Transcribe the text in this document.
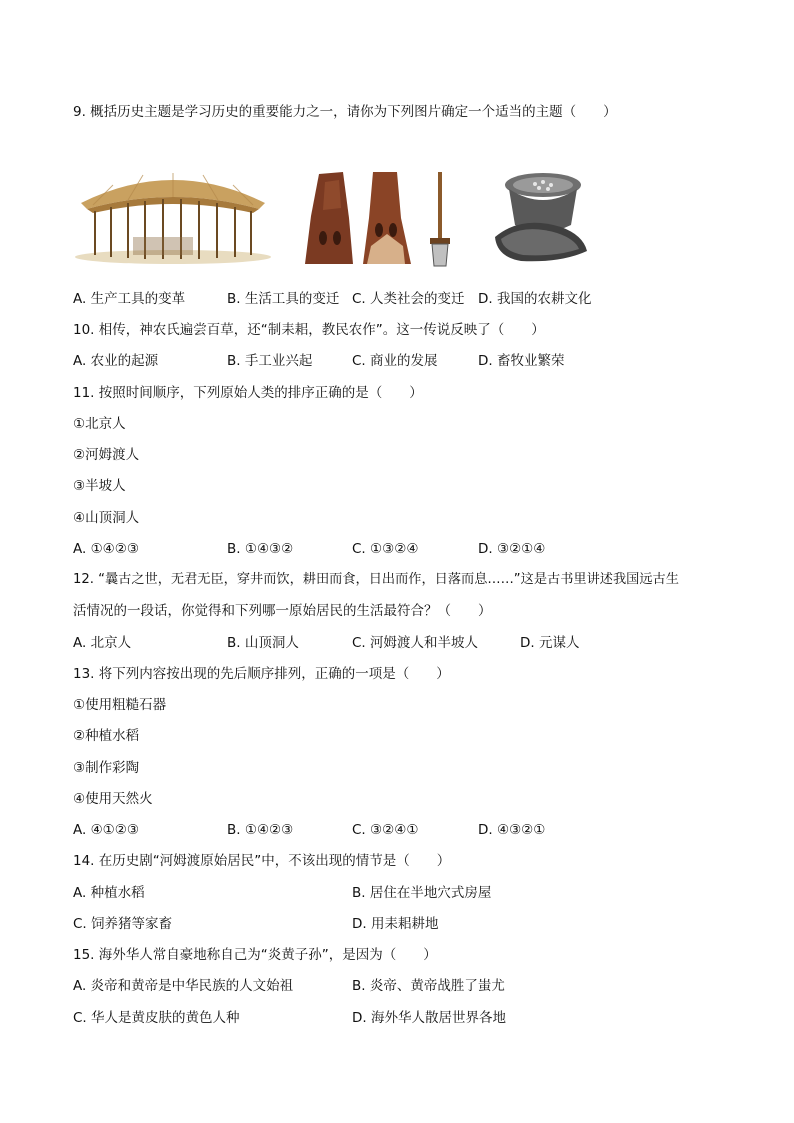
9. 概括历史主题是学习历史的重要能力之一，请你为下列图片确定一个适当的主题（　　）
A. 生产工具的变革	B. 生活工具的变迁 C. 人类社会的变迁 D. 我国的农耕文化
10. 相传，神农氏遍尝百草，还“制耒耜，教民农作”。这一传说反映了（　　）
A. 农业的起源	B. 手工业兴起	C. 商业的发展	D. 畜牧业繁荣
11. 按照时间顺序，下列原始人类的排序正确的是（　　）
①北京人
②河姆渡人
③半坡人
④山顶洞人
A. ①④②③	B. ①④③②	C. ①③②④	D. ③②①④
12. “曩古之世，无君无臣，穿井而饮，耕田而食，日出而作，日落而息……”这是古书里讲述我国远古生
活情况的一段话，你觉得和下列哪一原始居民的生活最符合？（　　）
A. 北京人	B. 山顶洞人	C. 河姆渡人和半坡人	D. 元谋人
13. 将下列内容按出现的先后顺序排列，正确的一项是（　　）
①使用粗糙石器
②种植水稻
③制作彩陶
④使用天然火
A. ④①②③	B. ①④②③	C. ③②④①	D. ④③②①
14. 在历史剧“河姆渡原始居民”中，不该出现的情节是（　　）
A. 种植水稻	B. 居住在半地穴式房屋
C. 饲养猪等家畜	D. 用耒耜耕地
15. 海外华人常自豪地称自己为“炎黄子孙”，是因为（　　）
A. 炎帝和黄帝是中华民族的人文始祖	B. 炎帝、黄帝战胜了蚩尤
C. 华人是黄皮肤的黄色人种	D. 海外华人散居世界各地
